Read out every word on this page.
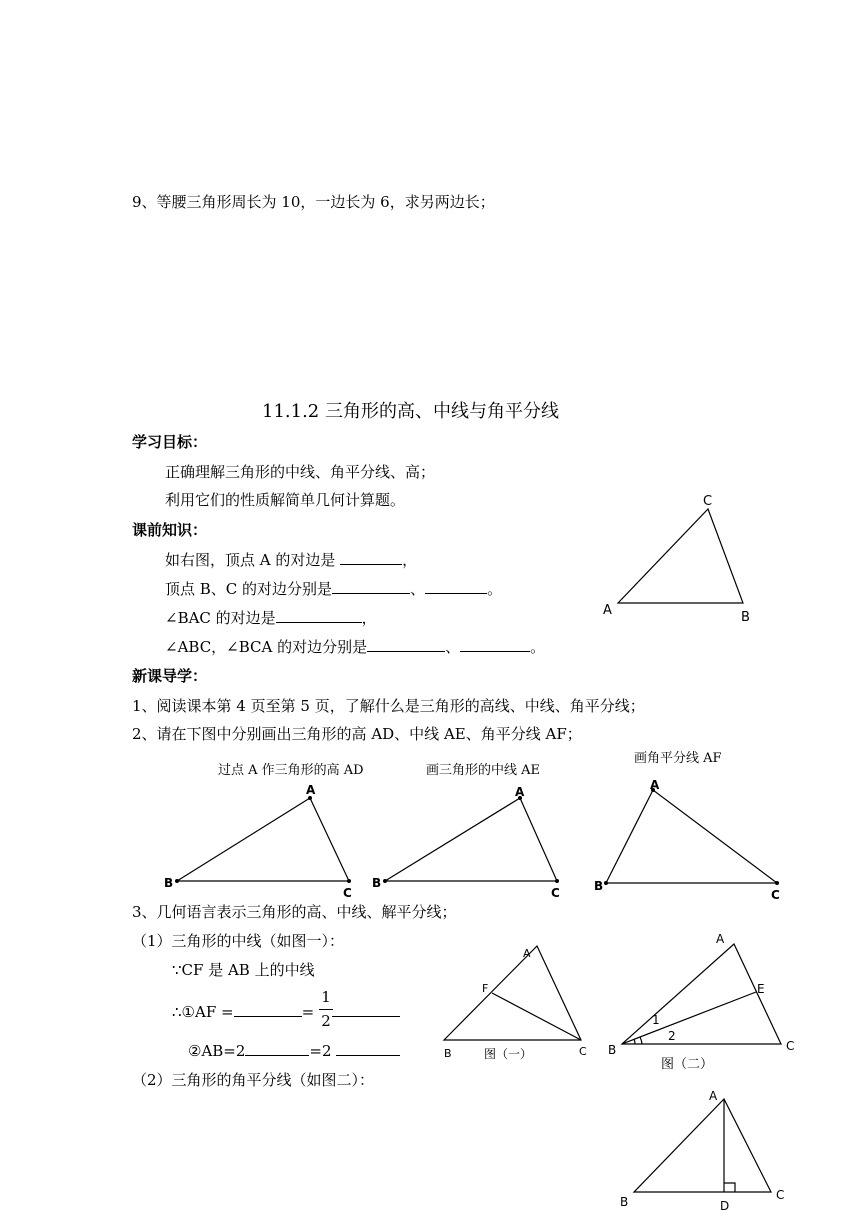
9、等腰三角形周长为 10，一边长为 6，求另两边长；
11.1.2 三角形的高、中线与角平分线
学习目标：
正确理解三角形的中线、角平分线、高；
利用它们的性质解简单几何计算题。
课前知识：
如右图，顶点 A 的对边是	，
顶点 B、C 的对边分别是	、	。
∠BAC 的对边是	，
∠ABC，∠BCA 的对边分别是	、	。
新课导学：
1、阅读课本第 4 页至第 5 页，了解什么是三角形的高线、中线、角平分线；
2、请在下图中分别画出三角形的高 AD、中线 AE、角平分线 AF；
过点 A 作三角形的高 AD	画三角形的中线 AE
画角平分线 AF
3、几何语言表示三角形的高、中线、解平分线；
（1）三角形的中线（如图一）：
∵CF 是 AB 上的中线
∴①AF =	=
1
2
②AB=2	=2
（2）三角形的角平分线（如图二）：
A
C
B
A
B
C
A
B
C
A
B
C
A
F
B	C
图（一）
A
E
B	C
1
2
图（二）
A
B	D
C
